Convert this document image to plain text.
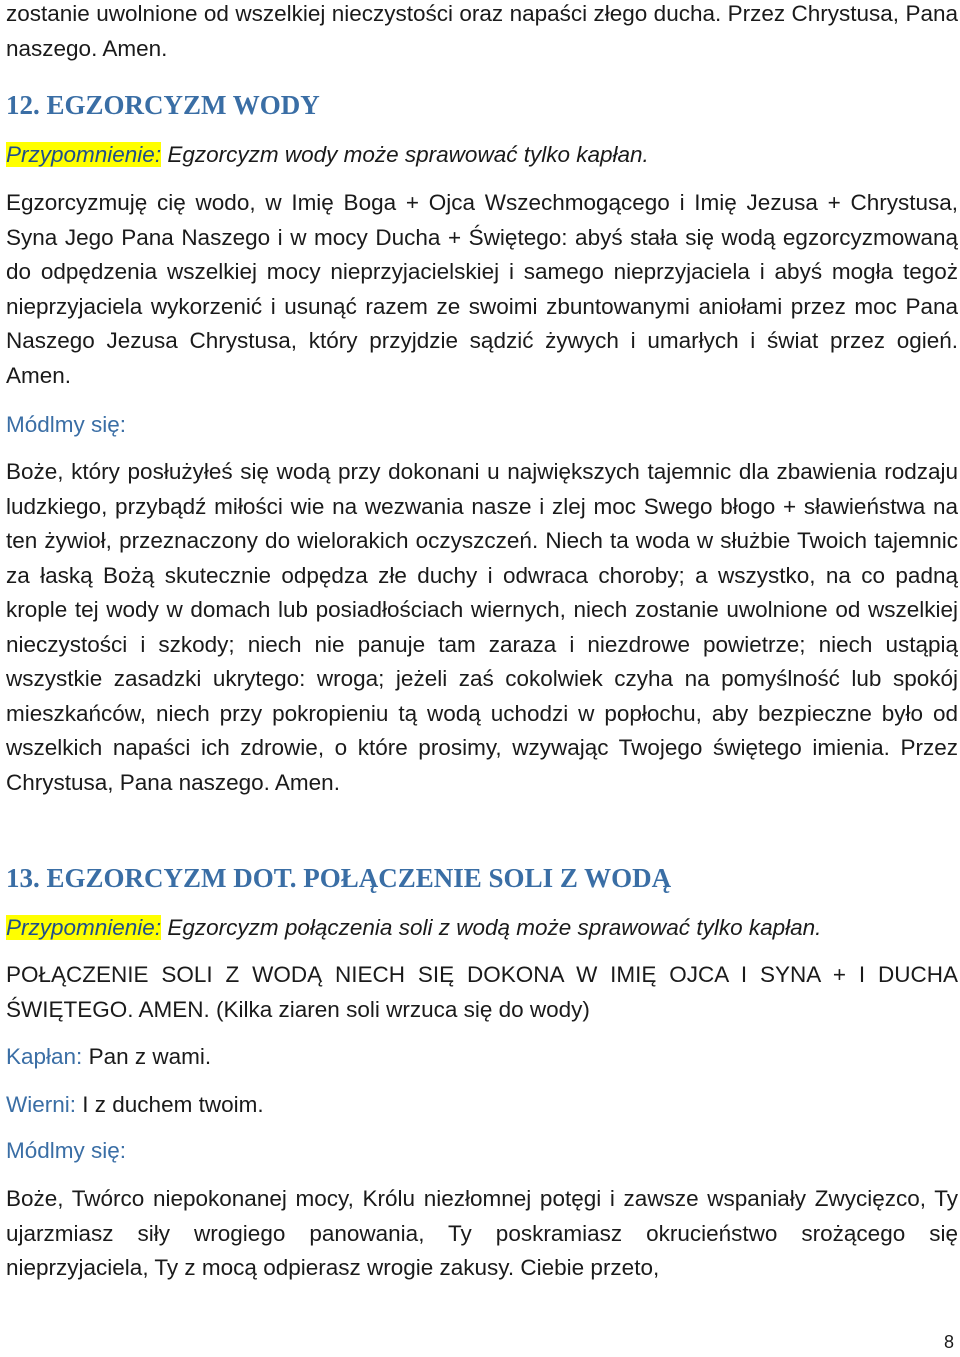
zostanie uwolnione od wszelkiej nieczystości oraz napaści złego ducha. Przez Chrystusa, Pana naszego. Amen.

12. EGZORCYZM WODY

Przypomnienie: Egzorcyzm wody może sprawować tylko kapłan.

Egzorcyzmuję cię wodo, w Imię Boga + Ojca Wszechmogącego i Imię Jezusa + Chrystusa, Syna Jego Pana Naszego i w mocy Ducha + Świętego: abyś stała się wodą egzorcyzmowaną do odpędzenia wszelkiej mocy nieprzyjacielskiej i samego nieprzyjaciela i abyś mogła tegoż nieprzyjaciela wykorzenić i usunąć razem ze swoimi zbuntowanymi aniołami przez moc Pana Naszego Jezusa Chrystusa, który przyjdzie sądzić żywych i umarłych i świat przez ogień. Amen.

Módlmy się:

Boże, który posłużyłeś się wodą przy dokonani u największych tajemnic dla zbawienia rodzaju ludzkiego, przybądź miłości wie na wezwania nasze i zlej moc Swego błogo + sławieństwa na ten żywioł, przeznaczony do wielorakich oczyszczeń. Niech ta woda w służbie Twoich tajemnic za łaską Bożą skutecznie odpędza złe duchy i odwraca choroby; a wszystko, na co padną krople tej wody w domach lub posiadłościach wiernych, niech zostanie uwolnione od wszelkiej nieczystości i szkody; niech nie panuje tam zaraza i niezdrowe powietrze; niech ustąpią wszystkie zasadzki ukrytego: wroga; jeżeli zaś cokolwiek czyha na pomyślność lub spokój mieszkańców, niech przy pokropieniu tą wodą uchodzi w popłochu, aby bezpieczne było od wszelkich napaści ich zdrowie, o które prosimy, wzywając Twojego świętego imienia. Przez Chrystusa, Pana naszego. Amen.

13. EGZORCYZM DOT. POŁĄCZENIE SOLI Z WODĄ

Przypomnienie: Egzorcyzm połączenia soli z wodą może sprawować tylko kapłan.

POŁĄCZENIE SOLI Z WODĄ NIECH SIĘ DOKONA W IMIĘ OJCA I SYNA + I DUCHA ŚWIĘTEGO. AMEN. (Kilka ziaren soli wrzuca się do wody)

Kapłan: Pan z wami.

Wierni: I z duchem twoim.

Módlmy się:

Boże, Twórco niepokonanej mocy, Królu niezłomnej potęgi i zawsze wspaniały Zwycięzco, Ty ujarzmiasz siły wrogiego panowania, Ty poskramiasz okrucieństwo srożącego się nieprzyjaciela, Ty z mocą odpierasz wrogie zakusy. Ciebie przeto,

8
